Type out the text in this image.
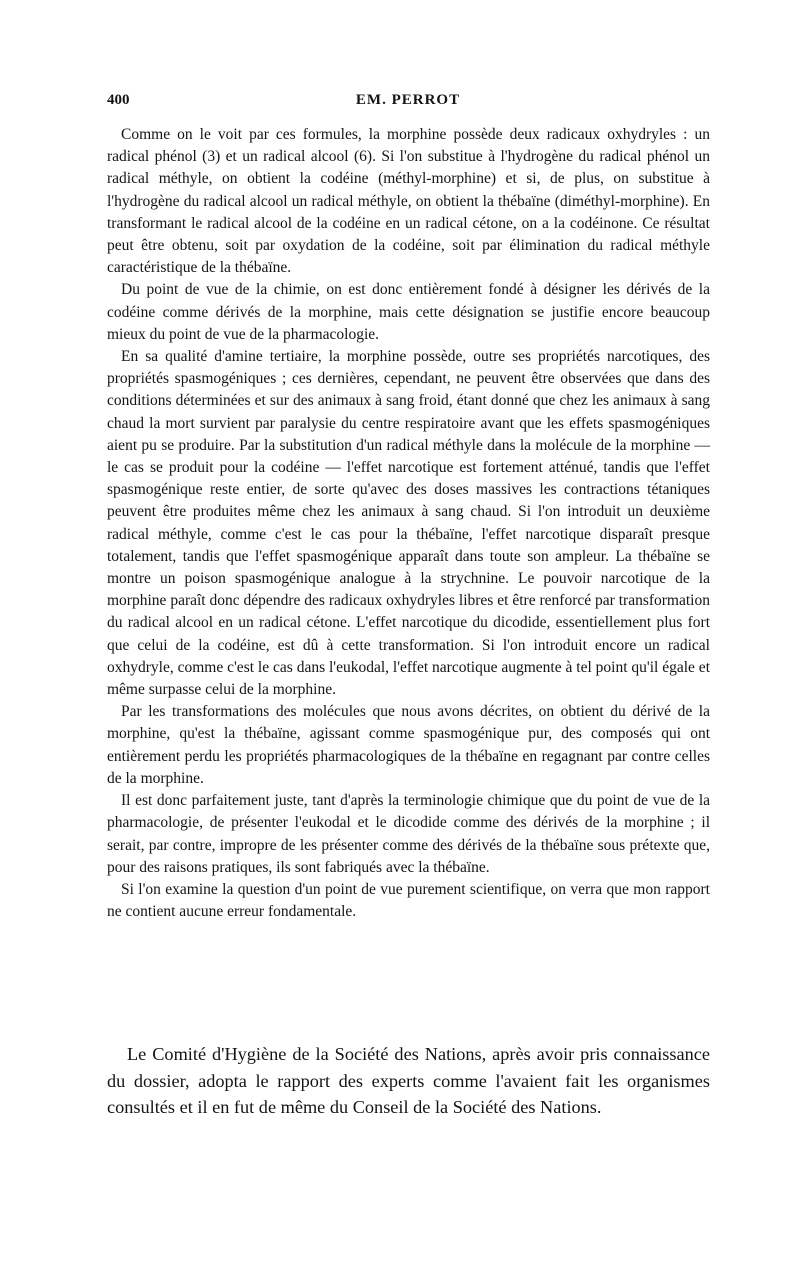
400	EM. PERROT

Comme on le voit par ces formules, la morphine possède deux radicaux oxhydryles : un radical phénol (3) et un radical alcool (6). Si l'on substitue à l'hydrogène du radical phénol un radical méthyle, on obtient la codéine (méthyl-morphine) et si, de plus, on substitue à l'hydrogène du radical alcool un radical méthyle, on obtient la thébaïne (diméthyl-morphine). En transformant le radical alcool de la codéine en un radical cétone, on a la codéinone. Ce résultat peut être obtenu, soit par oxydation de la codéine, soit par élimination du radical méthyle caractéristique de la thébaïne.

Du point de vue de la chimie, on est donc entièrement fondé à désigner les dérivés de la codéine comme dérivés de la morphine, mais cette désignation se justifie encore beaucoup mieux du point de vue de la pharmacologie.

En sa qualité d'amine tertiaire, la morphine possède, outre ses propriétés narcotiques, des propriétés spasmogéniques ; ces dernières, cependant, ne peuvent être observées que dans des conditions déterminées et sur des animaux à sang froid, étant donné que chez les animaux à sang chaud la mort survient par paralysie du centre respiratoire avant que les effets spasmogéniques aient pu se produire. Par la substitution d'un radical méthyle dans la molécule de la morphine — le cas se produit pour la codéine — l'effet narcotique est fortement atténué, tandis que l'effet spasmogénique reste entier, de sorte qu'avec des doses massives les contractions tétaniques peuvent être produites même chez les animaux à sang chaud. Si l'on introduit un deuxième radical méthyle, comme c'est le cas pour la thébaïne, l'effet narcotique disparaît presque totalement, tandis que l'effet spasmogénique apparaît dans toute son ampleur. La thébaïne se montre un poison spasmogénique analogue à la strychnine. Le pouvoir narcotique de la morphine paraît donc dépendre des radicaux oxhydryles libres et être renforcé par transformation du radical alcool en un radical cétone. L'effet narcotique du dicodide, essentiellement plus fort que celui de la codéine, est dû à cette transformation. Si l'on introduit encore un radical oxhydryle, comme c'est le cas dans l'eukodal, l'effet narcotique augmente à tel point qu'il égale et même surpasse celui de la morphine.

Par les transformations des molécules que nous avons décrites, on obtient du dérivé de la morphine, qu'est la thébaïne, agissant comme spasmogénique pur, des composés qui ont entièrement perdu les propriétés pharmacologiques de la thébaïne en regagnant par contre celles de la morphine.

Il est donc parfaitement juste, tant d'après la terminologie chimique que du point de vue de la pharmacologie, de présenter l'eukodal et le dicodide comme des dérivés de la morphine ; il serait, par contre, impropre de les présenter comme des dérivés de la thébaïne sous prétexte que, pour des raisons pratiques, ils sont fabriqués avec la thébaïne.

Si l'on examine la question d'un point de vue purement scientifique, on verra que mon rapport ne contient aucune erreur fondamentale.

Le Comité d'Hygiène de la Société des Nations, après avoir pris connaissance du dossier, adopta le rapport des experts comme l'avaient fait les organismes consultés et il en fut de même du Conseil de la Société des Nations.
